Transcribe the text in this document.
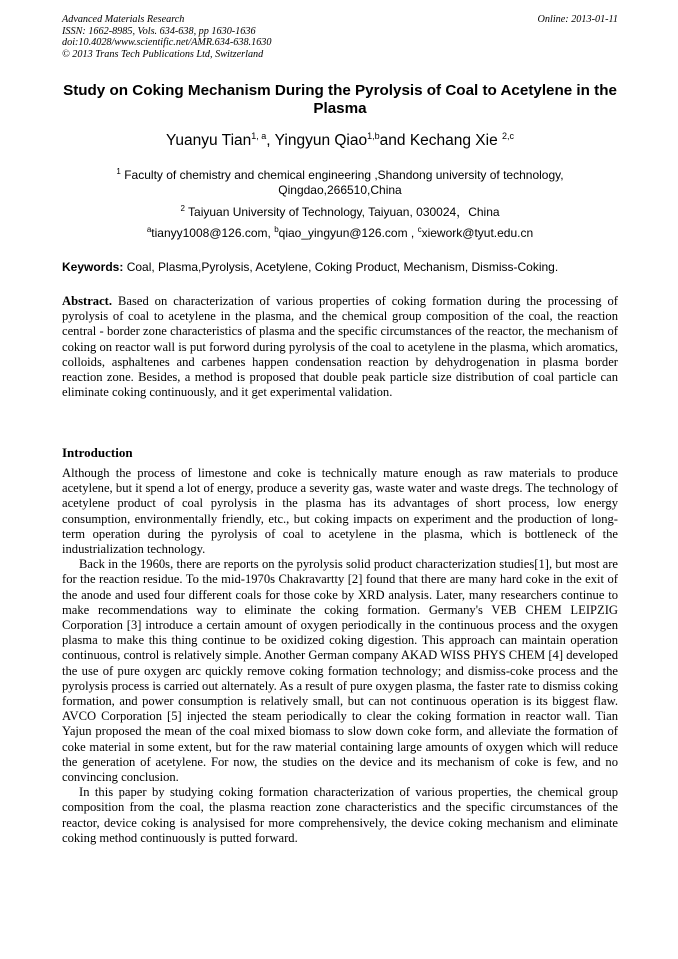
Advanced Materials Research
ISSN: 1662-8985, Vols. 634-638, pp 1630-1636
doi:10.4028/www.scientific.net/AMR.634-638.1630
© 2013 Trans Tech Publications Ltd, Switzerland
Online: 2013-01-11
Study on Coking Mechanism During the Pyrolysis of Coal to Acetylene in the Plasma
Yuanyu Tian$^{1, a}$, Yingyun Qiao$^{1,b}$and Kechang Xie $^{2,c}$
$^1$ Faculty of chemistry and chemical engineering ,Shandong university of technology, Qingdao,266510,China
$^2$ Taiyuan University of Technology, Taiyuan, 030024，China
$^a$tianyy1008@126.com, $^b$qiao_yingyun@126.com , $^c$xiework@tyut.edu.cn
Keywords: Coal, Plasma,Pyrolysis, Acetylene, Coking Product, Mechanism, Dismiss-Coking.
Abstract. Based on characterization of various properties of coking formation during the processing of pyrolysis of coal to acetylene in the plasma, and the chemical group composition of the coal, the reaction central - border zone characteristics of plasma and the specific circumstances of the reactor, the mechanism of coking on reactor wall is put forword during pyrolysis of the coal to acetylene in the plasma, which aromatics, colloids, asphaltenes and carbenes happen condensation reaction by dehydrogenation in plasma border reaction zone. Besides, a method is proposed that double peak particle size distribution of coal particle can eliminate coking continuously, and it get experimental validation.
Introduction
Although the process of limestone and coke is technically mature enough as raw materials to produce acetylene, but it spend a lot of energy, produce a severity gas, waste water and waste dregs. The technology of acetylene product of coal pyrolysis in the plasma has its advantages of short process, low energy consumption, environmentally friendly, etc., but coking impacts on experiment and the production of long-term operation during the pyrolysis of coal to acetylene in the plasma, which is bottleneck of the industrialization technology.
Back in the 1960s, there are reports on the pyrolysis solid product characterization studies[1], but most are for the reaction residue. To the mid-1970s Chakravartty [2] found that there are many hard coke in the exit of the anode and used four different coals for those coke by XRD analysis. Later, many researchers continue to make recommendations way to eliminate the coking formation. Germany's VEB CHEM LEIPZIG Corporation [3] introduce a certain amount of oxygen periodically in the continuous process and the oxygen plasma to make this thing continue to be oxidized coking digestion. This approach can maintain operation continuous, control is relatively simple. Another German company AKAD WISS PHYS CHEM [4] developed the use of pure oxygen arc quickly remove coking formation technology; and dismiss-coke process and the pyrolysis process is carried out alternately. As a result of pure oxygen plasma, the faster rate to dismiss coking formation, and power consumption is relatively small, but can not continuous operation is its biggest flaw. AVCO Corporation [5] injected the steam periodically to clear the coking formation in reactor wall. Tian Yajun proposed the mean of the coal mixed biomass to slow down coke form, and alleviate the formation of coke material in some extent, but for the raw material containing large amounts of oxygen which will reduce the generation of acetylene. For now, the studies on the device and its mechanism of coke is few, and no convincing conclusion.
In this paper by studying coking formation characterization of various properties, the chemical group composition from the coal, the plasma reaction zone characteristics and the specific circumstances of the reactor, device coking is analysised for more comprehensively, the device coking mechanism and eliminate coking method continuously is putted forward.
